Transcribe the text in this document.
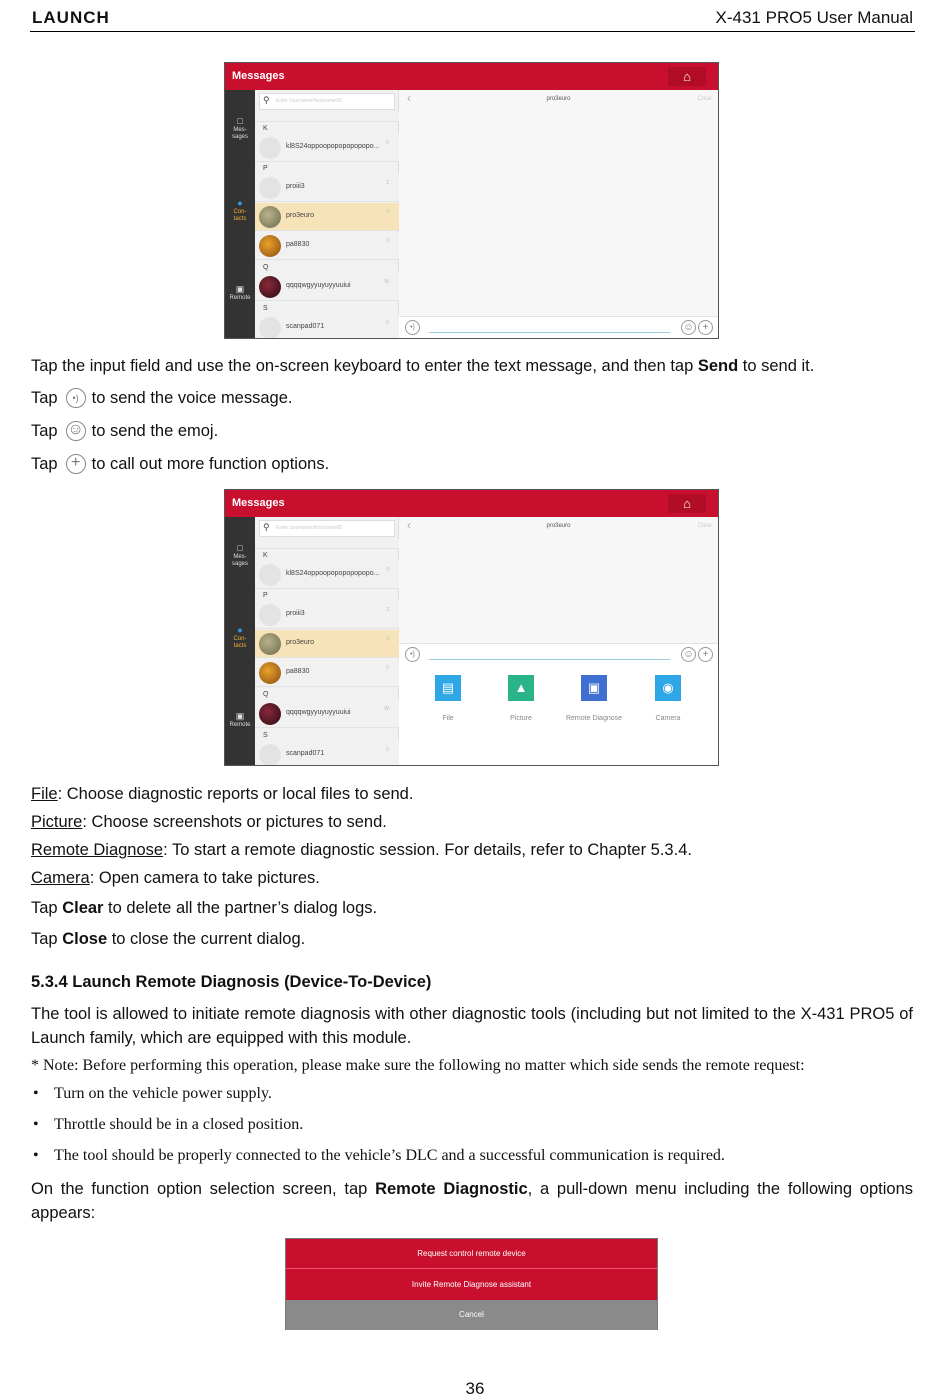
LAUNCH	X-431 PRO5 User Manual
Messages	⌂
□
Mes-
sages
●
Con-
tacts
▣
Remote
⚲ Enter Username/Nickname/ID
K
kl8S24oppoopopopopopopo... 0
P
proiii3	2
pro3euro	0
pa8830	0
Q
qqqqwgyyuyuyyuuiui	W
S
scanpad071	0
‹	pro3euro	Clear
•)	☺ +
Tap the input field and use the on-screen keyboard to enter the text message, and then tap Send to send it.
Tap •) to send the voice message.
Tap ☺ to send the emoj.
Tap + to call out more function options.
Messages	⌂
□
Mes-
sages
●
Con-
tacts
▣
Remote
⚲ Enter Username/Nickname/ID
K
kl8S24oppoopopopopopopo... 0
P
proiii3	2
pro3euro	0
pa8830	0
Q
qqqqwgyyuyuyyuuiui	W
S
scanpad071	0
‹	pro3euro	Clear
•)	☺ +
▤
File
▲
Picture
▣
Remote Diagnose
◉
Camera
File: Choose diagnostic reports or local files to send.
Picture: Choose screenshots or pictures to send.
Remote Diagnose: To start a remote diagnostic session. For details, refer to Chapter 5.3.4.
Camera: Open camera to take pictures.
Tap Clear to delete all the partner’s dialog logs.
Tap Close to close the current dialog.
5.3.4 Launch Remote Diagnosis (Device-To-Device)
The tool is allowed to initiate remote diagnosis with other diagnostic tools (including but not limited to the X-431 PRO5 of Launch family, which are equipped with this module.
* Note: Before performing this operation, please make sure the following no matter which side sends the remote request:
• Turn on the vehicle power supply.
• Throttle should be in a closed position.
• The tool should be properly connected to the vehicle’s DLC and a successful communication is required.
On the function option selection screen, tap Remote Diagnostic, a pull-down menu including the following options appears:
Request control remote device
Invite Remote Diagnose assistant
Cancel
36
